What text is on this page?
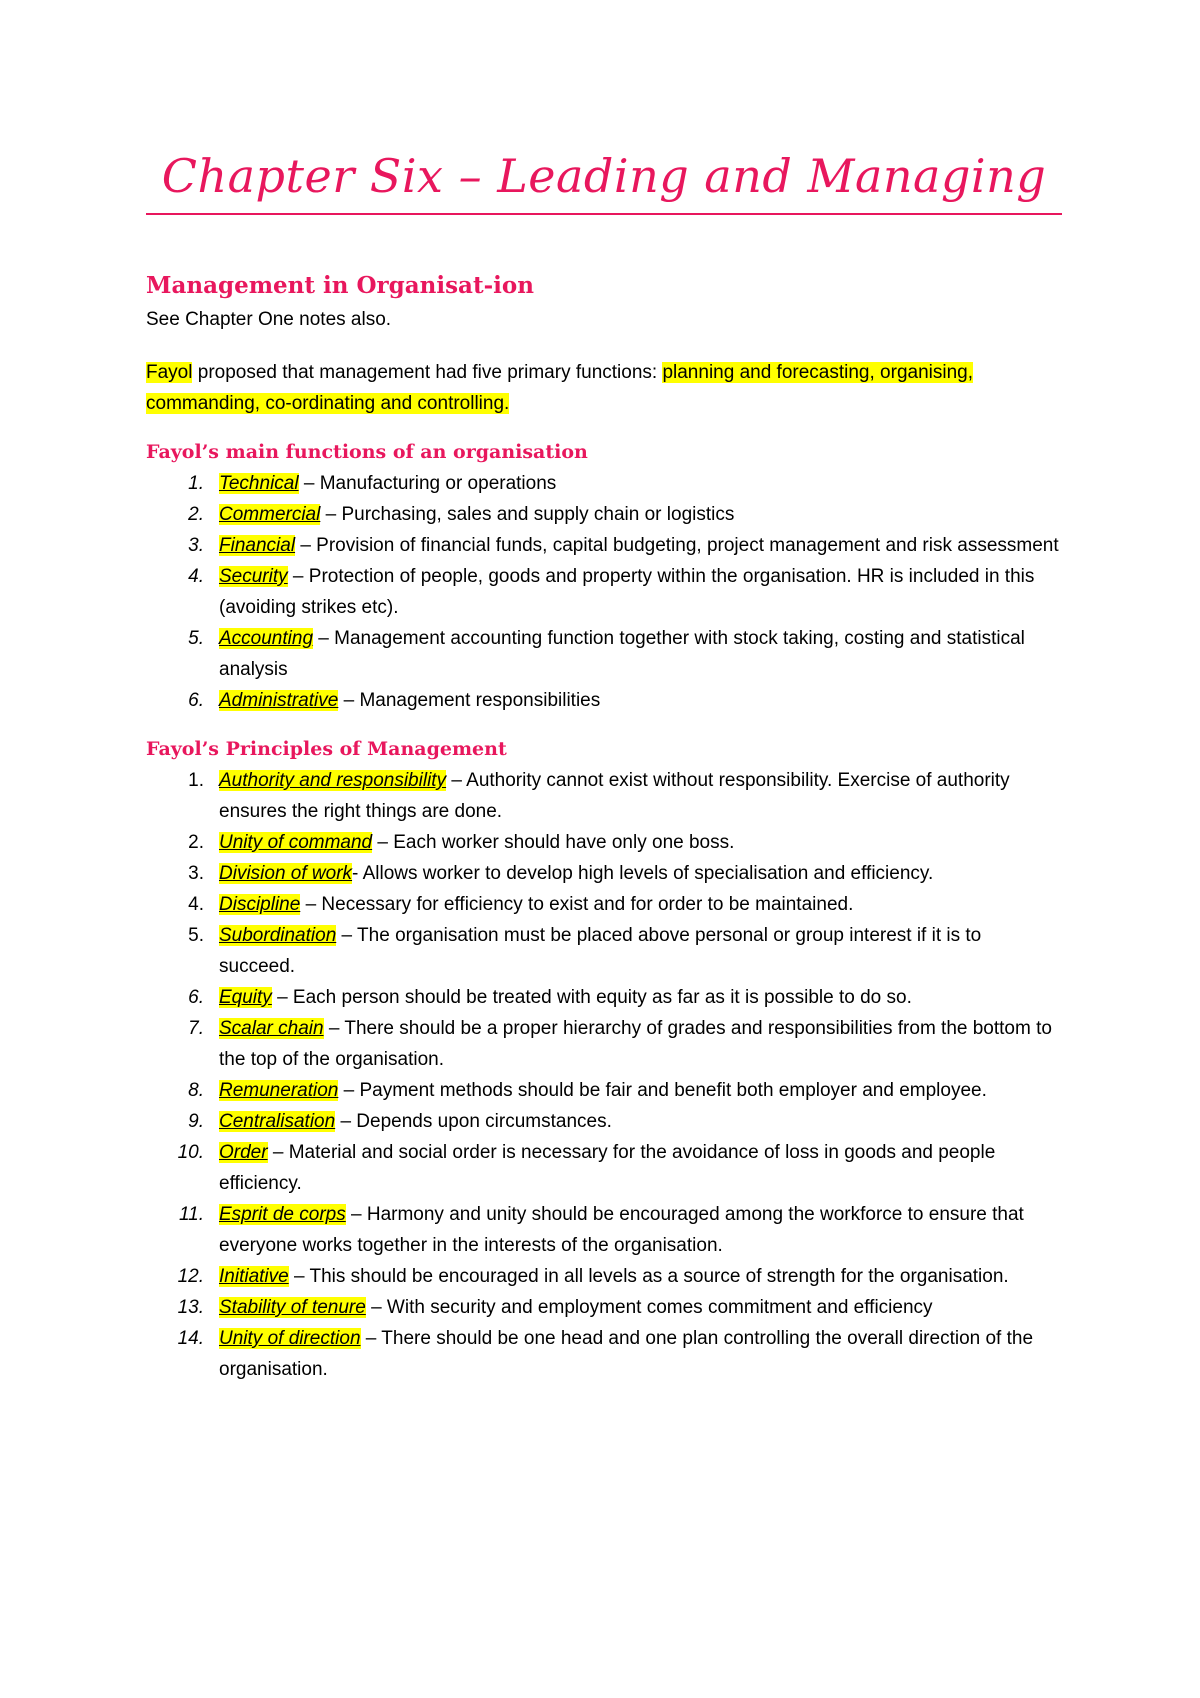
Chapter Six – Leading and Managing
Management in Organisat-ion

See Chapter One notes also.

Fayol proposed that management had five primary functions: planning and forecasting, organising, commanding, co-ordinating and controlling.

Fayol’s main functions of an organisation
1. Technical – Manufacturing or operations
2. Commercial – Purchasing, sales and supply chain or logistics
3. Financial – Provision of financial funds, capital budgeting, project management and risk assessment
4. Security – Protection of people, goods and property within the organisation. HR is included in this (avoiding strikes etc).
5. Accounting – Management accounting function together with stock taking, costing and statistical analysis
6. Administrative – Management responsibilities
Fayol’s Principles of Management
1. Authority and responsibility – Authority cannot exist without responsibility. Exercise of authority ensures the right things are done.
2. Unity of command – Each worker should have only one boss.
3. Division of work- Allows worker to develop high levels of specialisation and efficiency.
4. Discipline – Necessary for efficiency to exist and for order to be maintained.
5. Subordination – The organisation must be placed above personal or group interest if it is to succeed.
6. Equity – Each person should be treated with equity as far as it is possible to do so.
7. Scalar chain – There should be a proper hierarchy of grades and responsibilities from the bottom to the top of the organisation.
8. Remuneration – Payment methods should be fair and benefit both employer and employee.
9. Centralisation – Depends upon circumstances.
10. Order – Material and social order is necessary for the avoidance of loss in goods and people efficiency.
11. Esprit de corps – Harmony and unity should be encouraged among the workforce to ensure that everyone works together in the interests of the organisation.
12. Initiative – This should be encouraged in all levels as a source of strength for the organisation.
13. Stability of tenure – With security and employment comes commitment and efficiency
14. Unity of direction – There should be one head and one plan controlling the overall direction of the organisation.
